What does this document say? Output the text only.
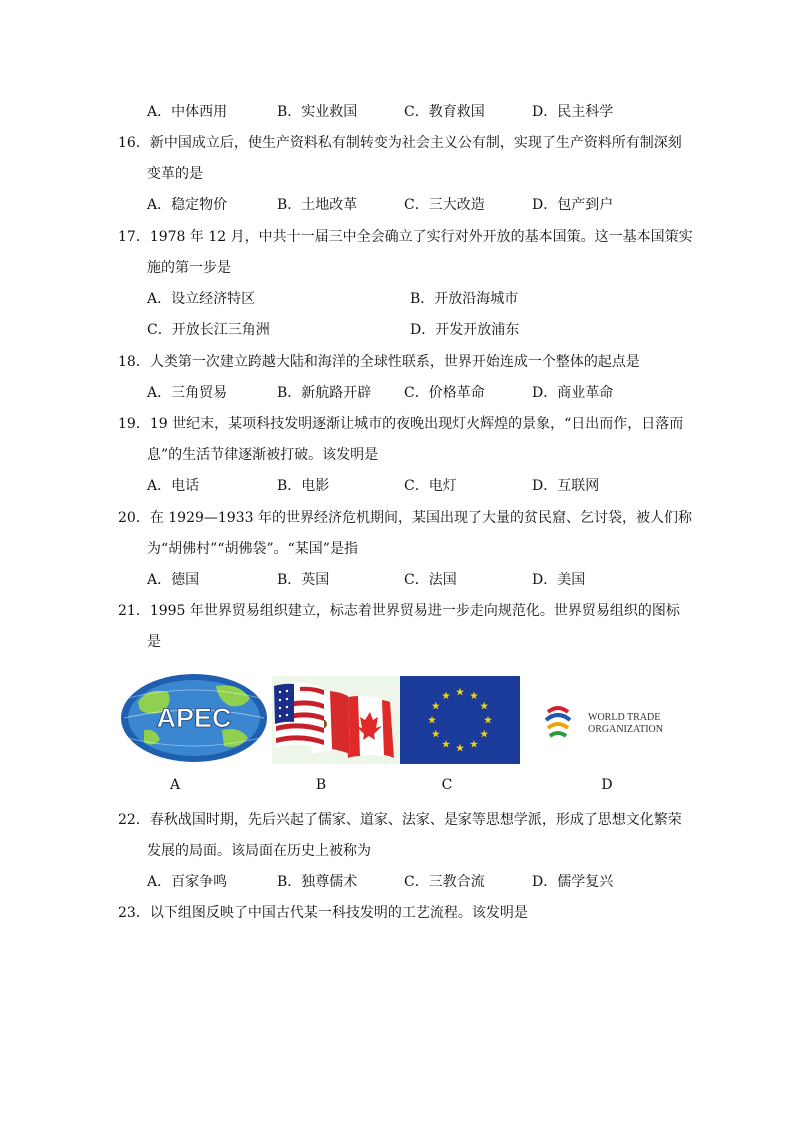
A．中体西用	B．实业救国	C．教育救国	D．民主科学
16．新中国成立后，使生产资料私有制转变为社会主义公有制，实现了生产资料所有制深刻
变革的是
A．稳定物价	B．土地改革	C．三大改造	D．包产到户
17．1978 年 12 月，中共十一届三中全会确立了实行对外开放的基本国策。这一基本国策实
施的第一步是
A．设立经济特区	B．开放沿海城市
C．开放长江三角洲	D．开发开放浦东
18．人类第一次建立跨越大陆和海洋的全球性联系，世界开始连成一个整体的起点是
A．三角贸易	B．新航路开辟 C．价格革命	D．商业革命
19．19 世纪末，某项科技发明逐渐让城市的夜晚出现灯火辉煌的景象，“日出而作，日落而
息”的生活节律逐渐被打破。该发明是
A．电话	B．电影	C．电灯	D．互联网
20．在 1929—1933 年的世界经济危机期间，某国出现了大量的贫民窟、乞讨袋，被人们称
为“胡佛村”“胡佛袋”。“某国”是指
A．德国	B．英国	C．法国	D．美国
21．1995 年世界贸易组织建立，标志着世界贸易进一步走向规范化。世界贸易组织的图标
是
APEC	WORLD TRADE
ORGANIZATION
A	B	C	D
22．春秋战国时期，先后兴起了儒家、道家、法家、是家等思想学派，形成了思想文化繁荣
发展的局面。该局面在历史上被称为
A．百家争鸣	B．独尊儒术	C．三教合流	D．儒学复兴
23．以下组图反映了中国古代某一科技发明的工艺流程。该发明是
